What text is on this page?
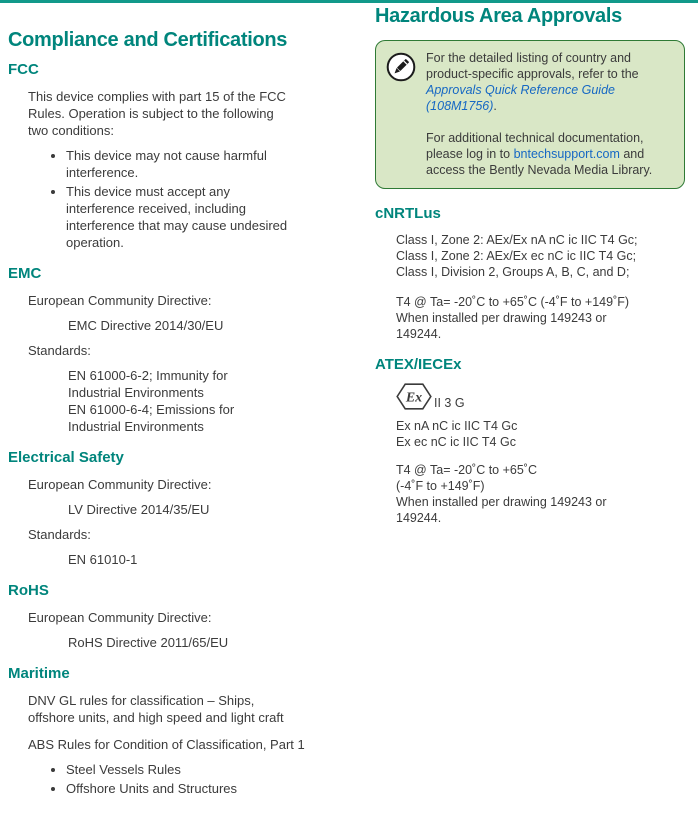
Compliance and Certifications
FCC
This device complies with part 15 of the FCC Rules. Operation is subject to the following two conditions:
• This device may not cause harmful interference.
• This device must accept any interference received, including interference that may cause undesired operation.
EMC
European Community Directive:
EMC Directive 2014/30/EU
Standards:
EN 61000-6-2; Immunity for Industrial Environments
EN 61000-6-4; Emissions for Industrial Environments
Electrical Safety
European Community Directive:
LV Directive 2014/35/EU
Standards:
EN 61010-1
RoHS
European Community Directive:
RoHS Directive 2011/65/EU
Maritime
DNV GL rules for classification – Ships, offshore units, and high speed and light craft
ABS Rules for Condition of Classification, Part 1
• Steel Vessels Rules
• Offshore Units and Structures
Hazardous Area Approvals
For the detailed listing of country and product-specific approvals, refer to the Approvals Quick Reference Guide (108M1756).
For additional technical documentation, please log in to bntechsupport.com and access the Bently Nevada Media Library.
cNRTLus
Class I, Zone 2: AEx/Ex nA nC ic IIC T4 Gc;
Class I, Zone 2: AEx/Ex ec nC ic IIC T4 Gc;
Class I, Division 2, Groups A, B, C, and D;
T4 @ Ta= -20˚C to +65˚C (-4˚F to +149˚F)
When installed per drawing 149243 or 149244.
ATEX/IECEx
Ex II 3 G
Ex nA nC ic IIC T4 Gc
Ex ec nC ic IIC T4 Gc
T4 @ Ta= -20˚C to +65˚C
(-4˚F to +149˚F)
When installed per drawing 149243 or 149244.
